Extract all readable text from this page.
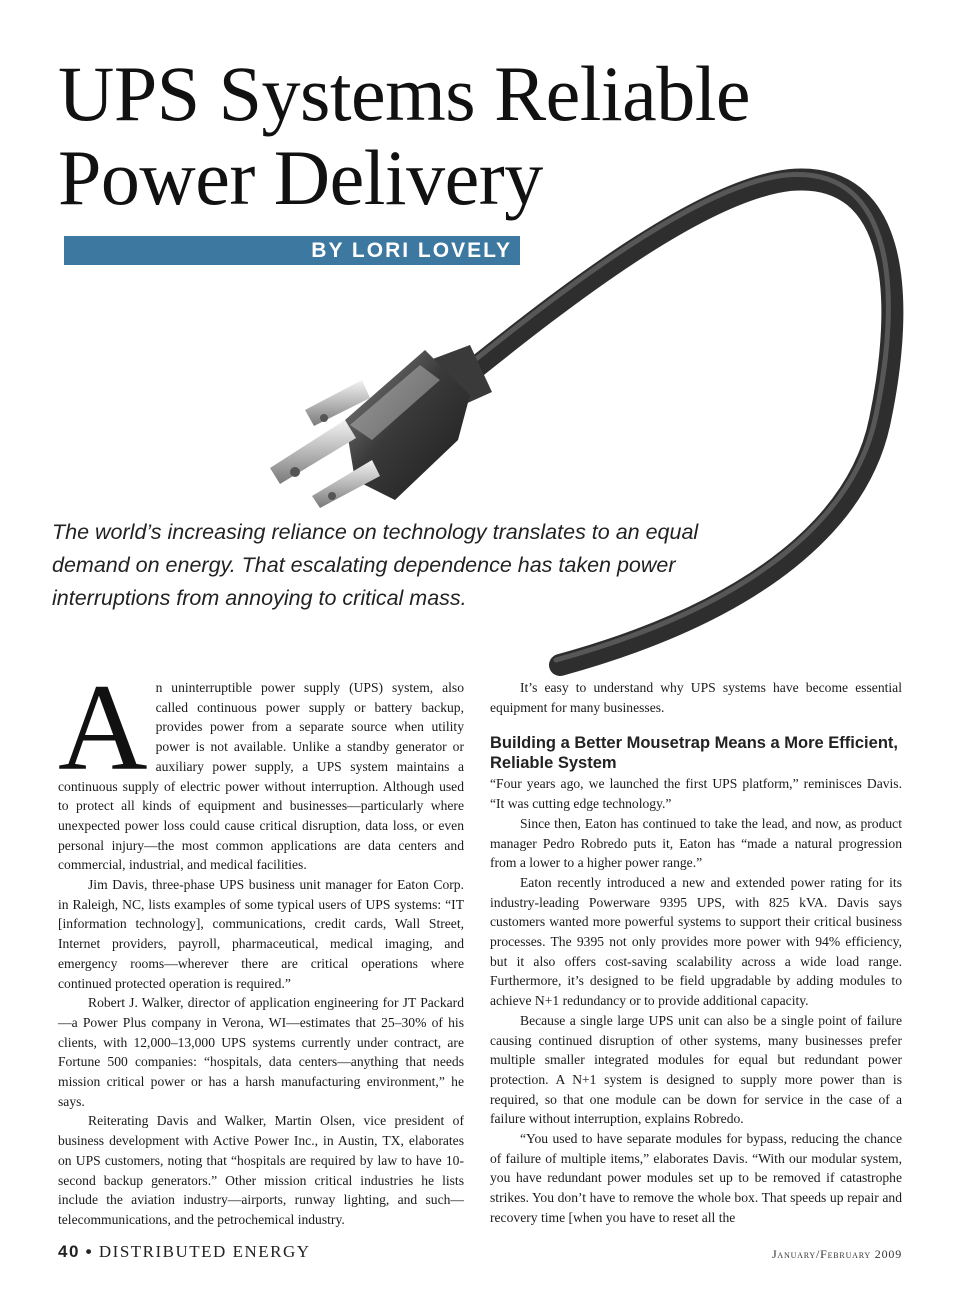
UPS Systems Reliable
Power Delivery
BY LORI LOVELY

The world’s increasing reliance on technology translates to an equal demand on energy. That escalating dependence has taken power interruptions from annoying to critical mass.

An uninterruptible power supply (UPS) system, also called continuous power supply or battery backup, provides power from a separate source when utility power is not available. Unlike a standby generator or auxiliary power supply, a UPS system maintains a continuous supply of electric power without interruption. Although used to protect all kinds of equipment and businesses—particularly where unexpected power loss could cause critical disruption, data loss, or even personal injury—the most common applications are data centers and commercial, industrial, and medical facilities.

Jim Davis, three-phase UPS business unit manager for Eaton Corp. in Raleigh, NC, lists examples of some typical users of UPS systems: “IT [information technology], communications, credit cards, Wall Street, Internet providers, payroll, pharmaceutical, medical imaging, and emergency rooms—wherever there are critical operations where continued protected operation is required.”

Robert J. Walker, director of application engineering for JT Packard—a Power Plus company in Verona, WI—estimates that 25–30% of his clients, with 12,000–13,000 UPS systems currently under contract, are Fortune 500 companies: “hospitals, data centers—anything that needs mission critical power or has a harsh manufacturing environment,” he says.

Reiterating Davis and Walker, Martin Olsen, vice president of business development with Active Power Inc., in Austin, TX, elaborates on UPS customers, noting that “hospitals are required by law to have 10-second backup generators.” Other mission critical industries he lists include the aviation industry—airports, runway lighting, and such—telecommunications, and the petrochemical industry.

It’s easy to understand why UPS systems have become essential equipment for many businesses.

Building a Better Mousetrap Means a More Efficient, Reliable System

“Four years ago, we launched the first UPS platform,” reminisces Davis. “It was cutting edge technology.”

Since then, Eaton has continued to take the lead, and now, as product manager Pedro Robredo puts it, Eaton has “made a natural progression from a lower to a higher power range.”

Eaton recently introduced a new and extended power rating for its industry-leading Powerware 9395 UPS, with 825 kVA. Davis says customers wanted more powerful systems to support their critical business processes. The 9395 not only provides more power with 94% efficiency, but it also offers cost-saving scalability across a wide load range. Furthermore, it’s designed to be field upgradable by adding modules to achieve N+1 redundancy or to provide additional capacity.

Because a single large UPS unit can also be a single point of failure causing continued disruption of other systems, many businesses prefer multiple smaller integrated modules for equal but redundant power protection. A N+1 system is designed to supply more power than is required, so that one module can be down for service in the case of a failure without interruption, explains Robredo.

“You used to have separate modules for bypass, reducing the chance of failure of multiple items,” elaborates Davis. “With our modular system, you have redundant power modules set up to be removed if catastrophe strikes. You don’t have to remove the whole box. That speeds up repair and recovery time [when you have to reset all the

40 • DISTRIBUTED ENERGY	January/February 2009
